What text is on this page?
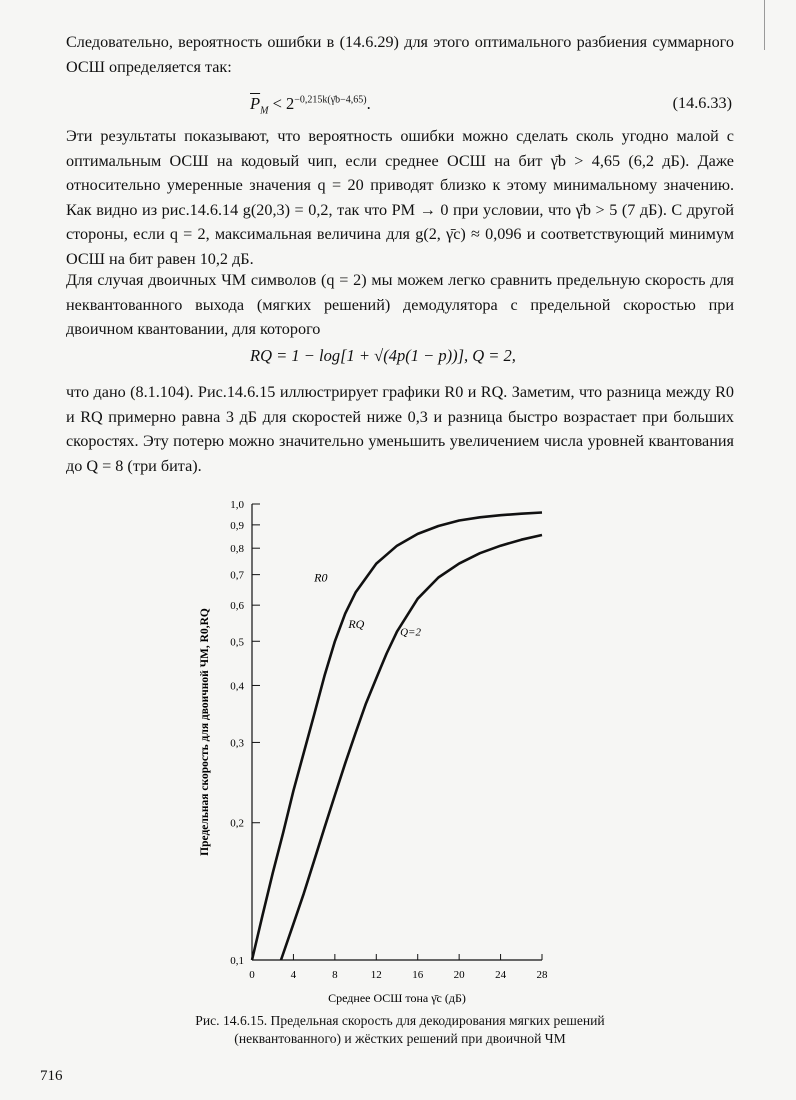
Следовательно, вероятность ошибки в (14.6.29) для этого оптимального разбиения суммарного ОСШ определяется так:

$\overline{P}_M < 2^{-0,215k(\gammāb-4,65)}$.	(14.6.33)

Эти результаты показывают, что вероятность ошибки можно сделать сколь угодно малой с оптимальным ОСШ на кодовый чип, если среднее ОСШ на бит γ̄b > 4,65 (6,2 дБ). Даже относительно умеренные значения q = 20 приводят близко к этому минимальному значению. Как видно из рис.14.6.14 g(20,3) = 0,2, так что PM → 0 при условии, что γ̄b > 5 (7 дБ). С другой стороны, если q = 2, максимальная величина для g(2, γ̄c) ≈ 0,096 и соответствующий минимум ОСШ на бит равен 10,2 дБ.

Для случая двоичных ЧМ символов (q = 2) мы можем легко сравнить предельную скорость для неквантованного выхода (мягких решений) демодулятора с предельной скоростью при двоичном квантовании, для которого

RQ = 1 − log[1 + √(4p(1 − p))], Q = 2,

что дано (8.1.104). Рис.14.6.15 иллюстрирует графики R0 и RQ. Заметим, что разница между R0 и RQ примерно равна 3 дБ для скоростей ниже 0,3 и разница быстро возрастает при больших скоростях. Эту потерю можно значительно уменьшить увеличением числа уровней квантования до Q = 8 (три бита).

0,1
0,2
0,3
0,4
0,5
0,6
0,7
0,8
0,9
1,0
0	4	8	12	16	20	24	28
R0
RQ
Q=2
Среднее ОСШ тона γ̄c (дБ)
Предельная скорость для двоичной ЧМ, R0,RQ
Рис. 14.6.15. Предельная скорость для декодирования мягких решений
(неквантованного) и жёстких решений при двоичной ЧМ
716
